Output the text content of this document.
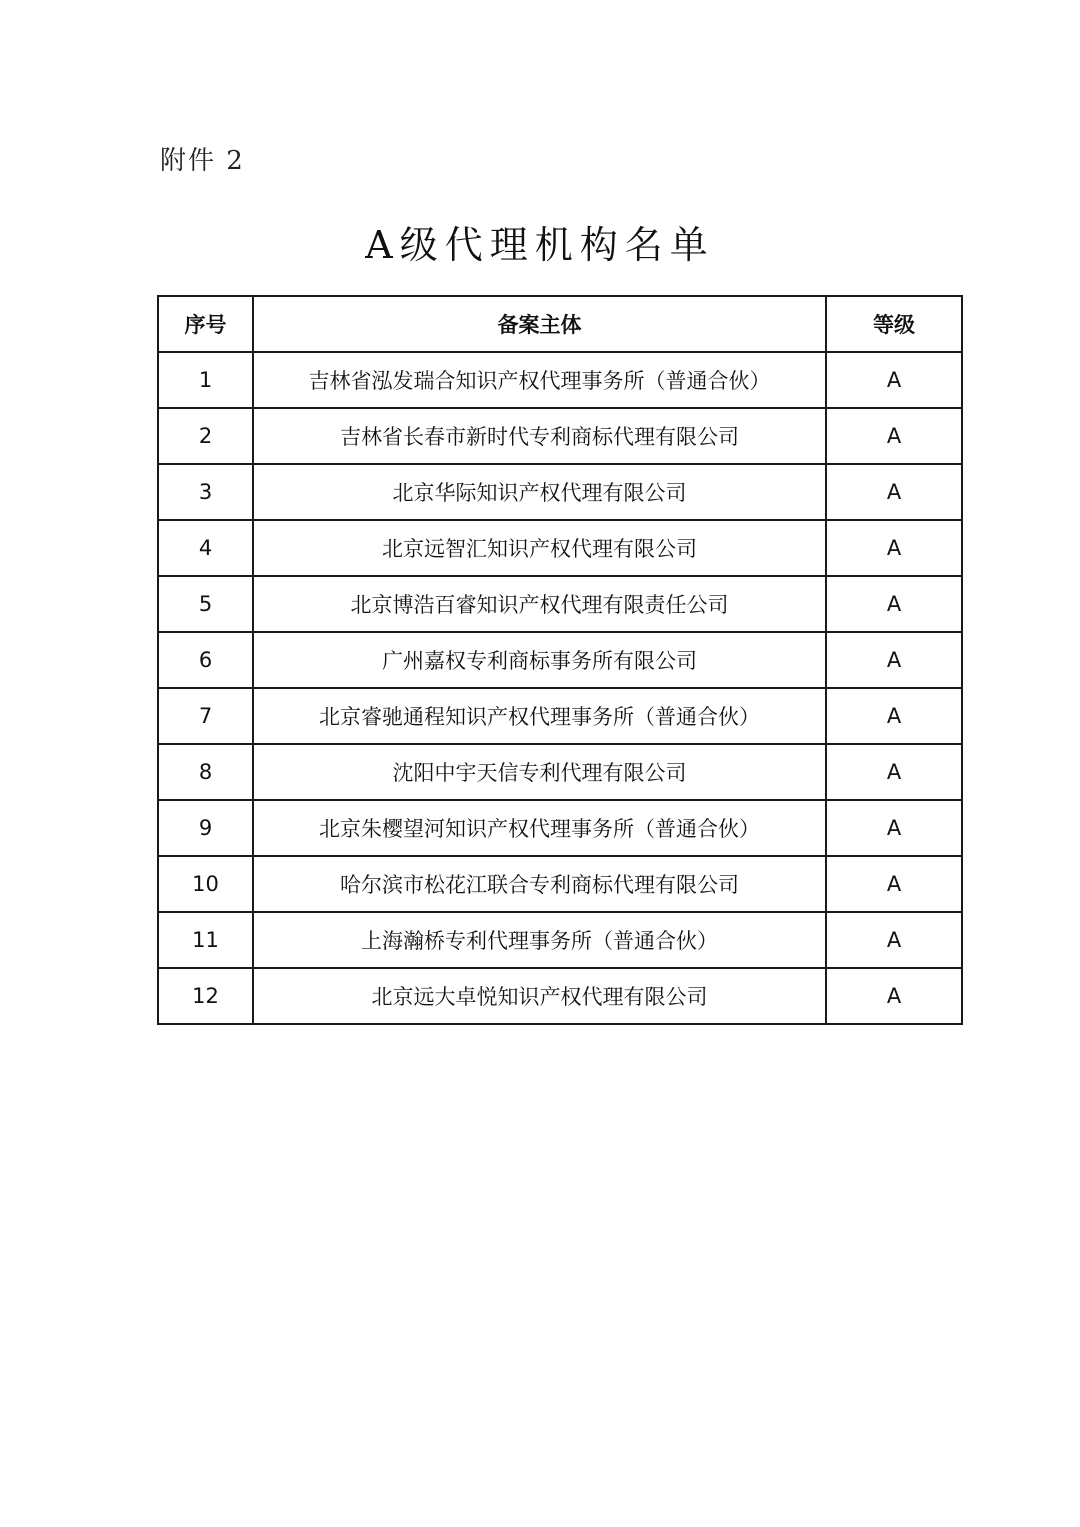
附件 2
A级代理机构名单
序号	备案主体	等级
1	吉林省泓发瑞合知识产权代理事务所（普通合伙）	A
2	吉林省长春市新时代专利商标代理有限公司	A
3	北京华际知识产权代理有限公司	A
4	北京远智汇知识产权代理有限公司	A
5	北京博浩百睿知识产权代理有限责任公司	A
6	广州嘉权专利商标事务所有限公司	A
7	北京睿驰通程知识产权代理事务所（普通合伙）	A
8	沈阳中宇天信专利代理有限公司	A
9	北京朱樱望河知识产权代理事务所（普通合伙）	A
10	哈尔滨市松花江联合专利商标代理有限公司	A
11	上海瀚桥专利代理事务所（普通合伙）	A
12	北京远大卓悦知识产权代理有限公司	A
